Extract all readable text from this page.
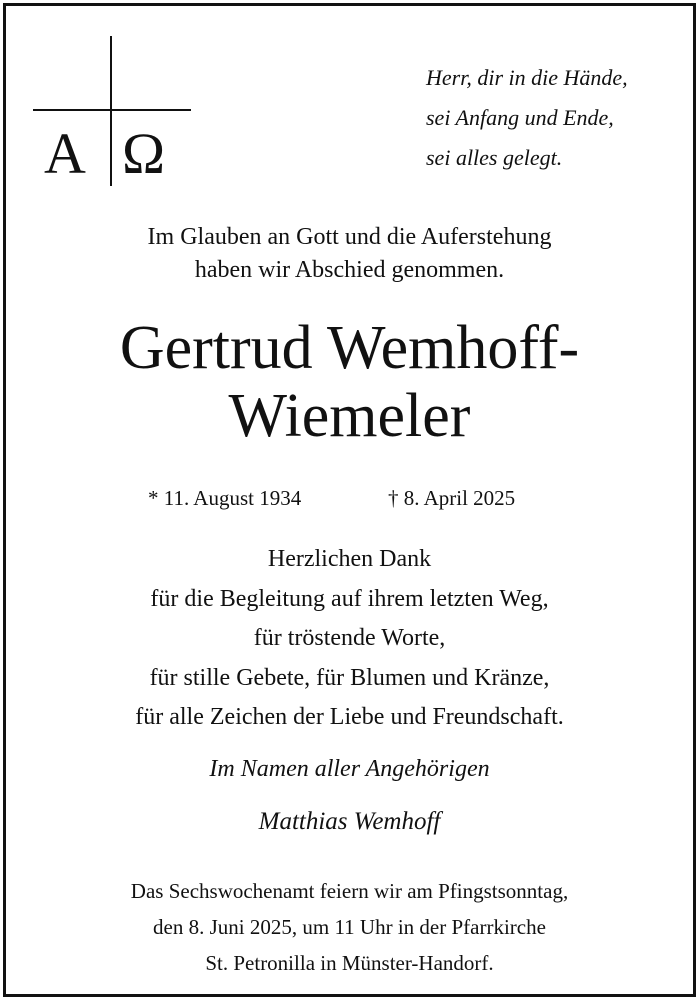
A Ω
Herr, dir in die Hände,
sei Anfang und Ende,
sei alles gelegt.
Im Glauben an Gott und die Auferstehung
haben wir Abschied genommen.
Gertrud Wemhoff-
Wiemeler
* 11. August 1934	† 8. April 2025
Herzlichen Dank
für die Begleitung auf ihrem letzten Weg,
für tröstende Worte,
für stille Gebete, für Blumen und Kränze,
für alle Zeichen der Liebe und Freundschaft.
Im Namen aller Angehörigen
Matthias Wemhoff
Das Sechswochenamt feiern wir am Pfingstsonntag,
den 8. Juni 2025, um 11 Uhr in der Pfarrkirche
St. Petronilla in Münster-Handorf.
